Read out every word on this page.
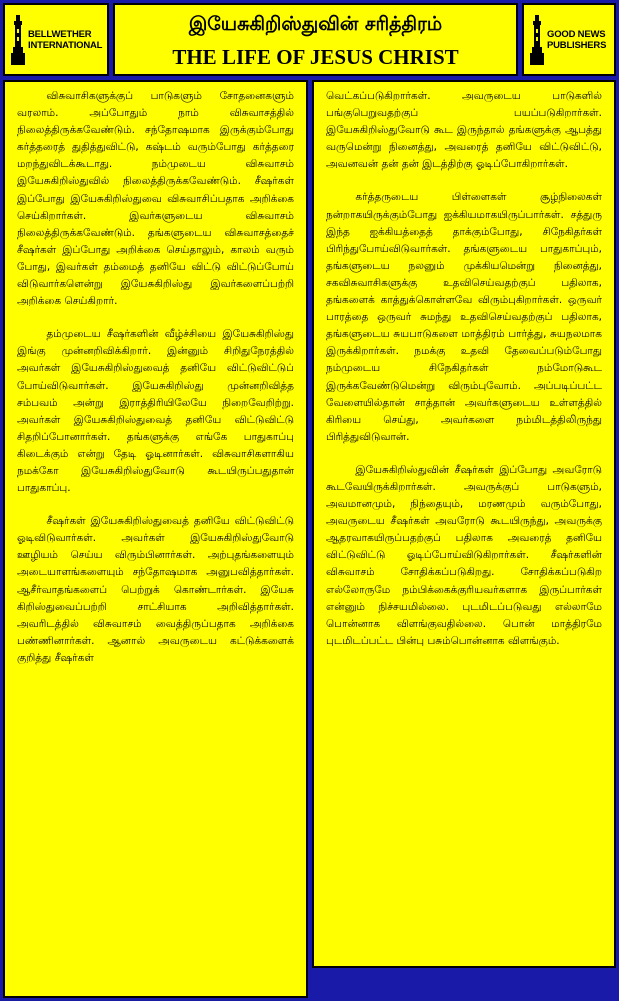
BELLWETHER
INTERNATIONAL
இயேசுகிறிஸ்துவின் சரித்திரம்
THE LIFE OF JESUS CHRIST
GOOD NEWS
PUBLISHERS

விசுவாசிகளுக்குப் பாடுகளும் சோதனைகளும் வரலாம். அப்போதும் நாம் விசுவாசத்தில் நிலைத்திருக்கவேண்டும். சந்தோஷமாக இருக்கும்போது கர்த்தரைத் துதித்துவிட்டு, கஷ்டம் வரும்போது கர்த்தரை மறந்துவிடக்கூடாது. நம்முடைய விசுவாசம் இயேசுகிறிஸ்துவில் நிலைத்திருக்கவேண்டும். சீஷர்கள் இப்போது இயேசுகிறிஸ்துவை விசுவாசிப்பதாக அறிக்கை செய்கிறார்கள். இவர்களுடைய விசுவாசம் நிலைத்திருக்கவேண்டும். தங்களுடைய விசுவாசத்தைச் சீஷர்கள் இப்போது அறிக்கை செய்தாலும், காலம் வரும் போது, இவர்கள் தம்மைத் தனியே விட்டு விட்டுப்போய் விடுவார்களென்று இயேசுகிறிஸ்து இவர்களைப்பற்றி அறிக்கை செய்கிறார்.

தம்முடைய சீஷர்களின் வீழ்ச்சியை இயேசுகிறிஸ்து இங்கு முன்னறிவிக்கிறார். இன்னும் சிறிதுநேரத்தில் அவர்கள் இயேசுகிறிஸ்துவைத் தனியே விட்டுவிட்டுப் போய்விடுவார்கள். இயேசுகிறிஸ்து முன்னறிவித்த சம்பவம் அன்று இராத்திரியிலேயே நிறைவேறிற்று. அவர்கள் இயேசுகிறிஸ்துவைத் தனியே விட்டுவிட்டு சிதறிப்போனார்கள். தங்களுக்கு எங்கே பாதுகாப்பு கிடைக்கும் என்று தேடி ஓடினார்கள். விசுவாசிகளாகிய நமக்கோ இயேசுகிறிஸ்துவோடு கூடயிருப்பதுதான் பாதுகாப்பு.

சீஷர்கள் இயேசுகிறிஸ்துவைத் தனியே விட்டுவிட்டு ஓடிவிடுவார்கள். அவர்கள் இயேசுகிறிஸ்துவோடு ஊழியம் செய்ய விரும்பினார்கள். அற்புதங்களையும் அடையாளங்களையும் சந்தோஷமாக அனுபவித்தார்கள். ஆசீர்வாதங்களைப் பெற்றுக் கொண்டார்கள். இயேசு கிறிஸ்துவைப்பற்றி சாட்சியாக அறிவித்தார்கள். அவரிடத்தில் விசுவாசம் வைத்திருப்பதாக அறிக்கை பண்ணினார்கள். ஆனால் அவருடைய கட்டுக்களைக் குறித்து சீஷர்கள்

வெட்கப்படுகிறார்கள். அவருடைய பாடுகளில் பங்குபெறுவதற்குப் பயப்படுகிறார்கள். இயேசுகிறிஸ்துவோடு கூட இருந்தால் தங்களுக்கு ஆபத்து வருமென்று நினைத்து, அவரைத் தனியே விட்டுவிட்டு, அவனவன் தன் தன் இடத்திற்கு ஓடிப்போகிறார்கள்.

கர்த்தருடைய பிள்ளைகள் சூழ்நிலைகள் நன்றாகயிருக்கும்போது ஐக்கியமாகயிருப்பார்கள். சத்துரு இந்த ஐக்கியத்தைத் தாக்கும்போது, சிநேகிதர்கள் பிரிந்துபோய்விடுவார்கள். தங்களுடைய பாதுகாப்பும், தங்களுடைய நலனும் முக்கியமென்று நினைத்து, சகவிசுவாசிகளுக்கு உதவிசெய்வதற்குப் பதிலாக, தங்களைக் காத்துக்கொள்ளவே விரும்புகிறார்கள். ஒருவர் பாரத்தை ஒருவர் சுமந்து உதவிசெய்வதற்குப் பதிலாக, தங்களுடைய சுயபாடுகளை மாத்திரம் பார்த்து, சுயநலமாக இருக்கிறார்கள். நமக்கு உதவி தேவைப்படும்போது நம்முடைய சிநேகிதர்கள் நம்மோடுகூட இருக்கவேண்டுமென்று விரும்புவோம். அப்படிப்பட்ட வேளையில்தான் சாத்தான் அவர்களுடைய உள்ளத்தில் கிரியை செய்து, அவர்களை நம்மிடத்திலிருந்து பிரித்துவிடுவான்.

இயேசுகிறிஸ்துவின் சீஷர்கள் இப்போது அவரோடு கூடவேயிருக்கிறார்கள். அவருக்குப் பாடுகளும், அவமானமும், நிந்தையும், மரணமும் வரும்போது, அவருடைய சீஷர்கள் அவரோடு கூடயிருந்து, அவருக்கு ஆதரவாகயிருப்பதற்குப் பதிலாக அவரைத் தனியே விட்டுவிட்டு ஓடிப்போய்விடுகிறார்கள். சீஷர்களின் விசுவாசம் சோதிக்கப்படுகிறது. சோதிக்கப்படுகிற எல்லோருமே நம்பிக்கைக்குரியவர்களாக இருப்பார்கள் என்னும் நிச்சயமில்லை. புடமிடப்படுவது எல்லாமே பொன்னாக விளங்குவதில்லை. பொன் மாத்திரமே புடமிடப்பட்ட பின்பு பசும்பொன்னாக விளங்கும்.
